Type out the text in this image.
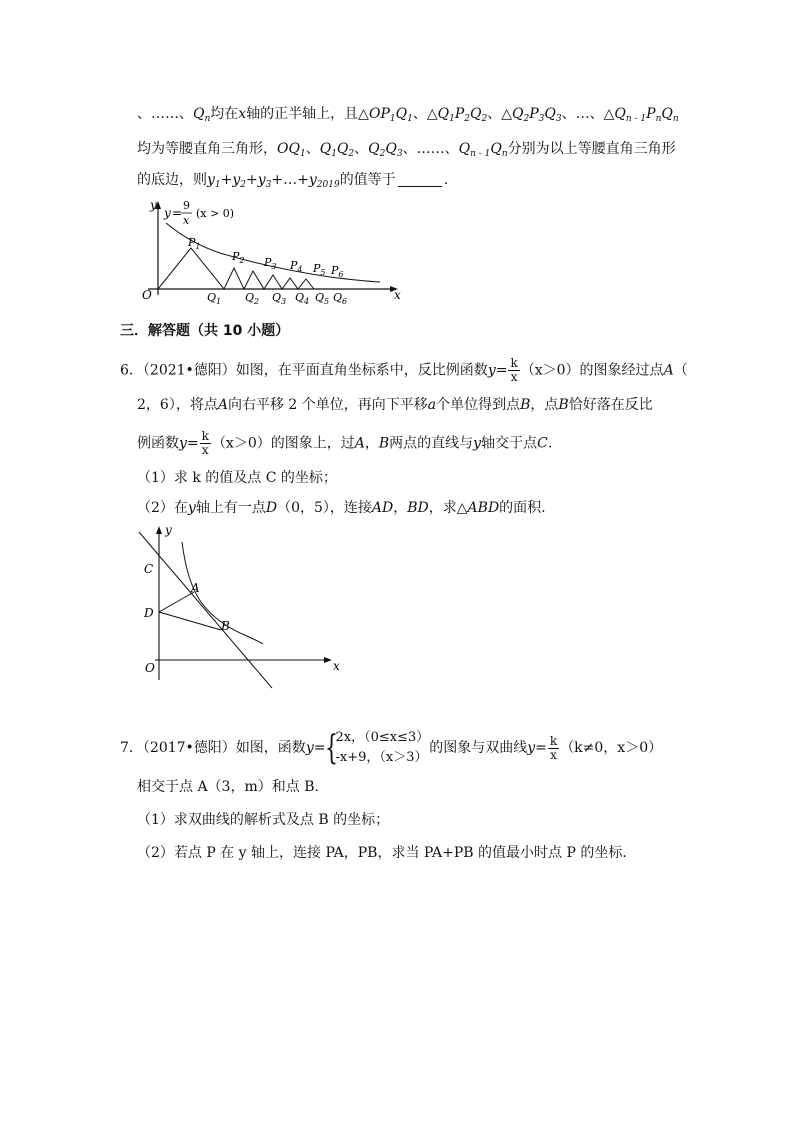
、……、$Q_n$均在x轴的正半轴上，且$\triangle OP_1Q_1$、$\triangle Q_1P_2Q_2$、$\triangle Q_2P_3Q_3$、…、$\triangle Q_{n - 1}P_nQ_n$
均为等腰直角三角形，$OQ_1$、$Q_1Q_2$、$Q_2Q_3$、……、$Q_{n - 1}Q_n$分别为以上等腰直角三角形
的底边，则$y_1+y_2+y_3+\dots+y_{2019}$的值等于	.
y
y =
9
x
(x > 0)
O	x
$P_1$
$P_2$ $P_3$ $P_4$ $P_5$ $P_6$
$Q_1$ $Q_2$ $Q_3$ $Q_4$ $Q_5$ $Q_6$
三．解答题（共 10 小题）
6．（2021•德阳）如图，在平面直角坐标系中，反比例函数$y= \frac{k}{x} (x>0)$的图象经过点A（
2，6），将点A向右平移 2 个单位，再向下平移a个单位得到点B，点B恰好落在反比
例函数$y= \frac{k}{x} (x>0)$的图象上，过A，B两点的直线与y轴交于点C.
（1）求 k 的值及点 C 的坐标；
（2）在y轴上有一点D（0，5），连接AD，BD，求△ABD的面积.
y
x
O
C
A
D
B
7．（2017•德阳）如图，函数y= {
2x，（0≤x≤3）
-x+9，（x＞3）
的图象与双曲线$y= \frac{k}{x} (k\ne 0$，x＞0）
相交于点 A（3，m）和点 B.
（1）求双曲线的解析式及点 B 的坐标；
（2）若点 P 在 y 轴上，连接 PA，PB，求当 PA+PB 的值最小时点 P 的坐标.
